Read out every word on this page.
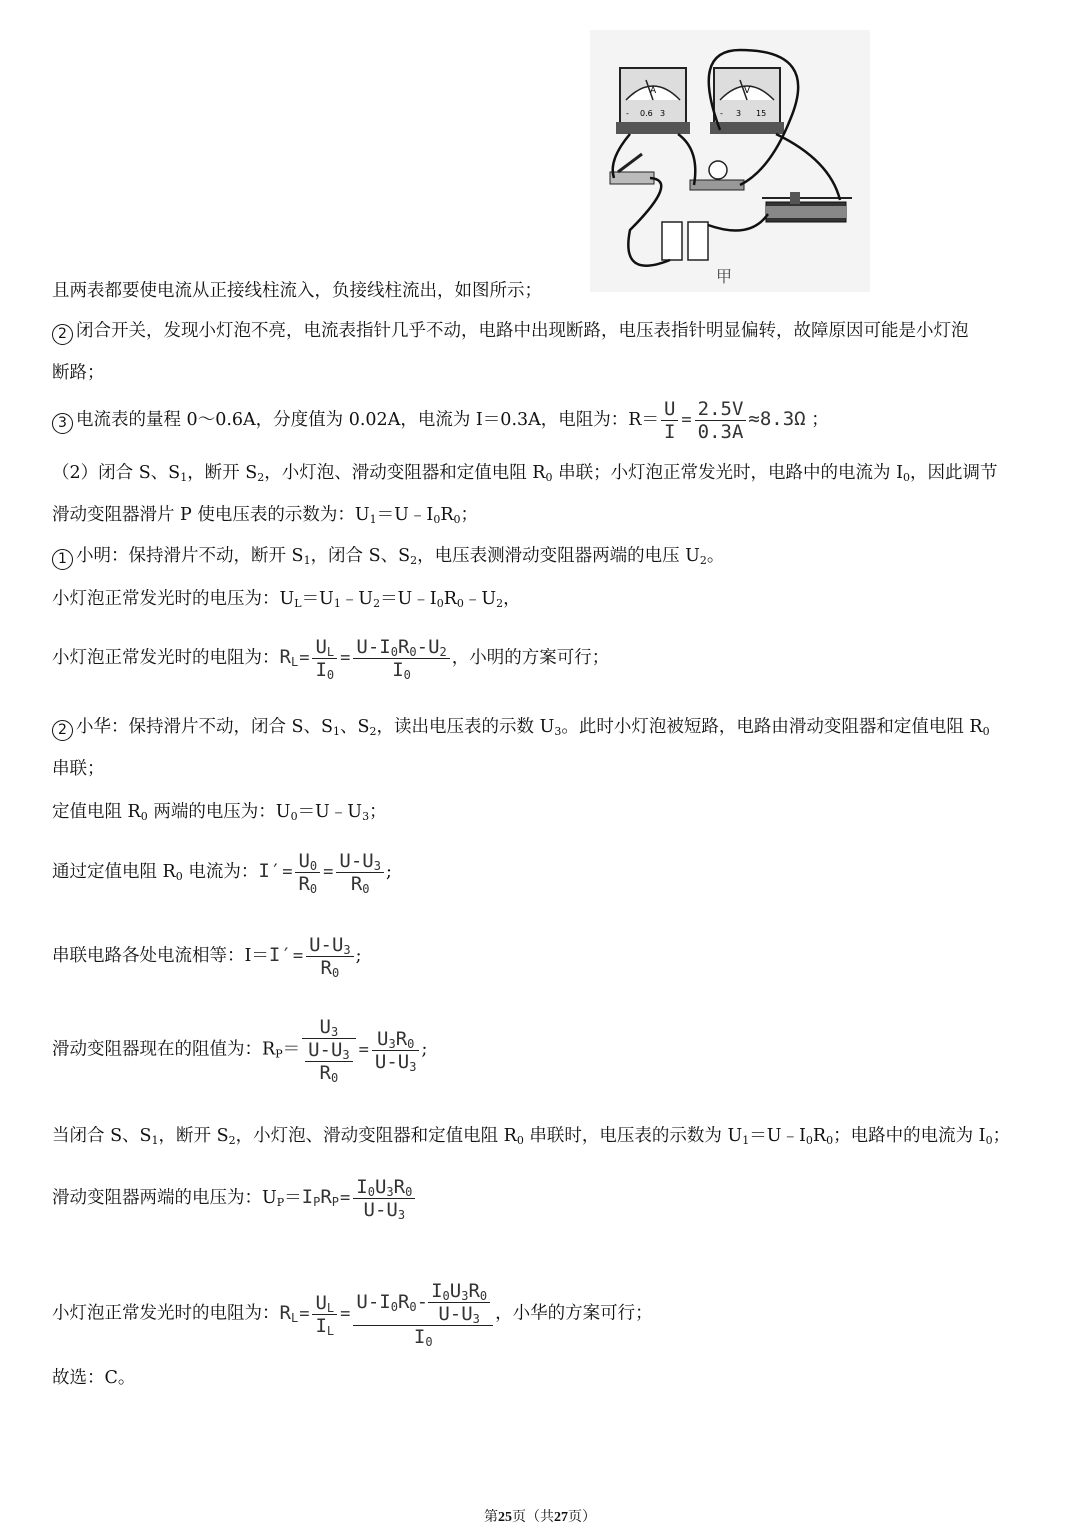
A
- 0.6 3
V
- 3 15
甲
且两表都要使电流从正接线柱流入，负接线柱流出，如图所示；
2 闭合开关，发现小灯泡不亮，电流表指针几乎不动，电路中出现断路，电压表指针明显偏转，故障原因可能是小灯泡
断路；
3 电流表的量程 0～0.6A，分度值为 0.02A，电流为 I＝0.3A，电阻为：$R= \frac{U}{I} = \frac{2.5V}{0.3A} \approx 8.3\Omega$ ；
（2）闭合 S、$S_1$，断开 $S_2$，小灯泡、滑动变阻器和定值电阻 $R_0$ 串联；小灯泡正常发光时，电路中的电流为 $I_0$，因此调节
滑动变阻器滑片 P 使电压表的示数为：$U_1=U﹣I_0R_0$；
1 小明：保持滑片不动，断开 $S_1$，闭合 S、$S_2$，电压表测滑动变阻器两端的电压 $U_2$。
小灯泡正常发光时的电压为：$U_L=U_1﹣U_2=U﹣I_0R_0﹣U_2$，
小灯泡正常发光时的电阻为：$R_L= \frac{U_L}{I_0} = \frac{U-I_0R_0-U_2}{I_0}$ ，小明的方案可行；
2 小华：保持滑片不动，闭合 S、$S_1$、$S_2$，读出电压表的示数 $U_3$。此时小灯泡被短路，电路由滑动变阻器和定值电阻 $R_0$
串联；
定值电阻 $R_0$ 两端的电压为：$U_0=U﹣U_3$；
通过定值电阻 $R_0$ 电流为：$I'= \frac{U_0}{R_0} = \frac{U-U_3}{R_0}$ ;
串联电路各处电流相等：$I=I'= \frac{U-U_3}{R_0}$ ;
滑动变阻器现在的阻值为：$R_P= \frac{U_3}{\frac{U-U_3}{R_0}} = \frac{U_3R_0}{U-U_3}$ ;
当闭合 S、$S_1$，断开 $S_2$，小灯泡、滑动变阻器和定值电阻 $R_0$ 串联时，电压表的示数为 $U_1=U﹣I_0R_0$；电路中的电流为 $I_0$；
滑动变阻器两端的电压为：$U_P=I_PR_P= \frac{I_0U_3R_0}{U-U_3}$
小灯泡正常发光时的电阻为：$R_L= \frac{U_L}{I_L} = \frac{U-I_0R_0- \frac{I_0U_3R_0}{U-U_3}}{I_0}$ ，小华的方案可行；
故选：C。
第25页（共27页）
